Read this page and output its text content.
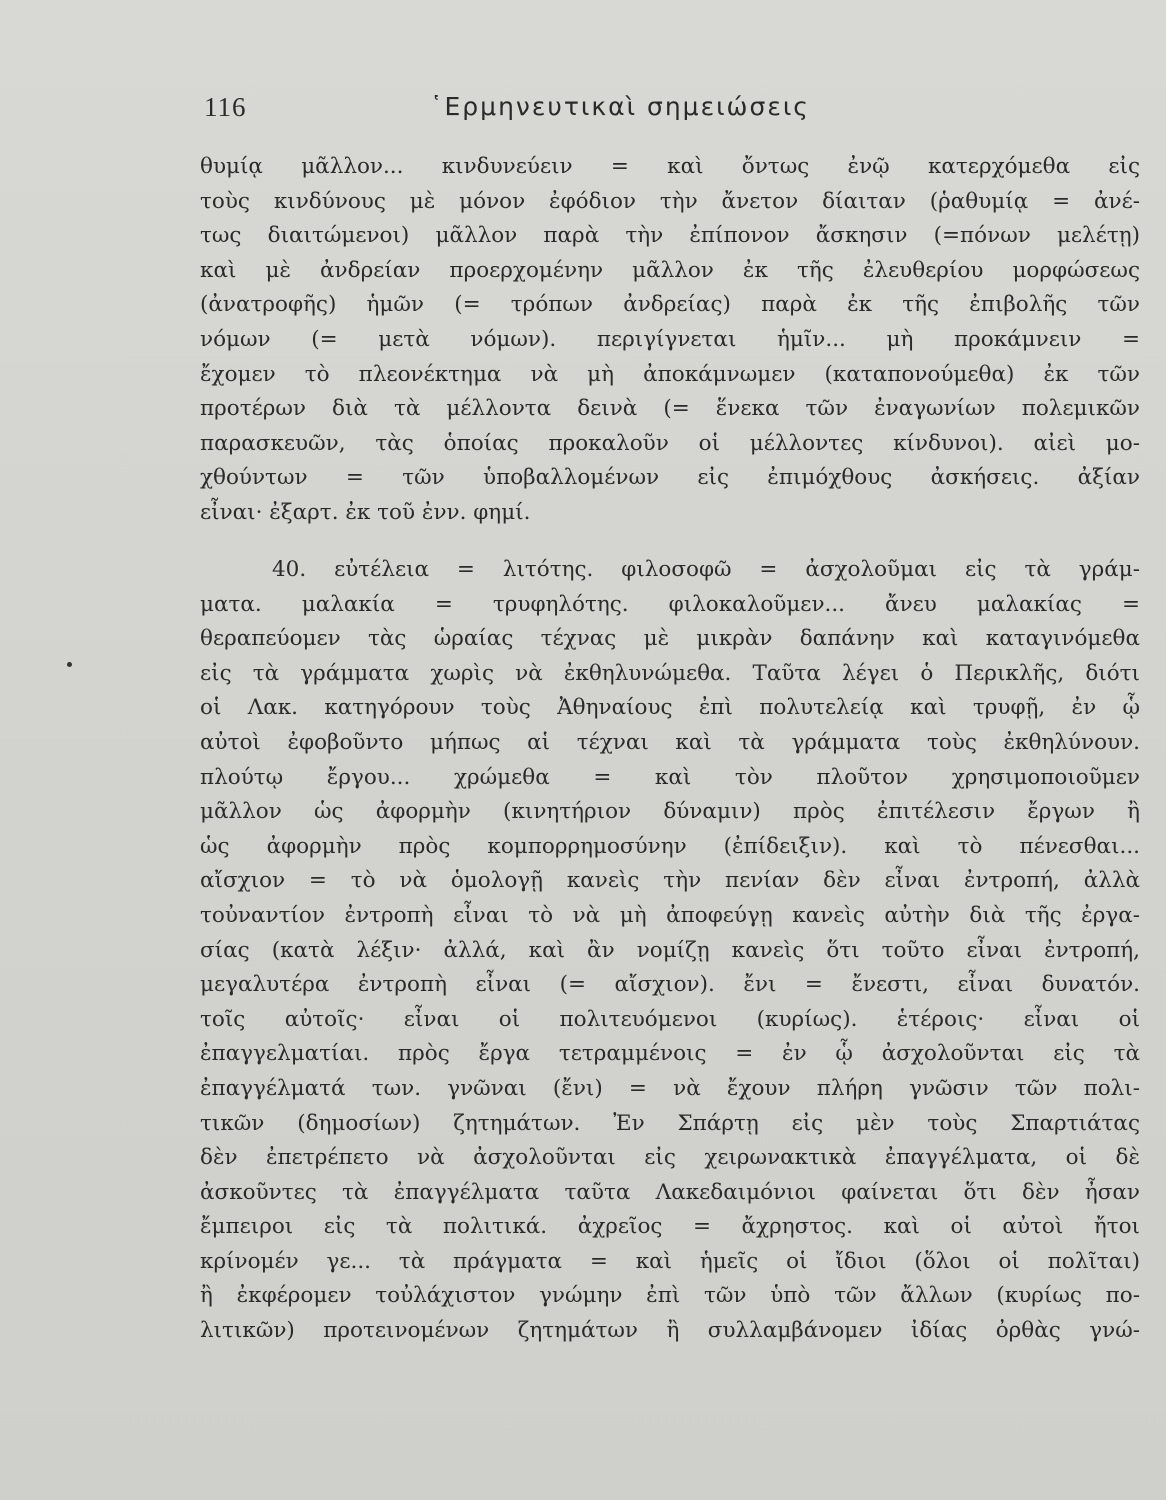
116	῾Ερμηνευτικαὶ σημειώσεις
θυμίᾳ μᾶλλον... κινδυνεύειν = καὶ ὄντως ἐνῷ κατερχόμεθα εἰς
τοὺς κινδύνους μὲ μόνον ἐφόδιον τὴν ἄνετον δίαιταν (ῥαθυμίᾳ = ἀνέ-
τως διαιτώμενοι) μᾶλλον παρὰ τὴν ἐπίπονον ἄσκησιν (=πόνων μελέτῃ)
καὶ μὲ ἀνδρείαν προερχομένην μᾶλλον ἐκ τῆς ἐλευθερίου μορφώσεως
(ἀνατροφῆς) ἡμῶν (= τρόπων ἀνδρείας) παρὰ ἐκ τῆς ἐπιβολῆς τῶν
νόμων (= μετὰ νόμων). περιγίγνεται ἡμῖν... μὴ προκάμνειν =
ἔχομεν τὸ πλεονέκτημα νὰ μὴ ἀποκάμνωμεν (καταπονούμεθα) ἐκ τῶν
προτέρων διὰ τὰ μέλλοντα δεινὰ (= ἕνεκα τῶν ἐναγωνίων πολεμικῶν
παρασκευῶν, τὰς ὁποίας προκαλοῦν οἱ μέλλοντες κίνδυνοι). αἰεὶ μο-
χθούντων = τῶν ὑποβαλλομένων εἰς ἐπιμόχθους ἀσκήσεις. ἀξίαν
εἶναι· ἐξαρτ. ἐκ τοῦ ἐνν. φημί.
40. εὐτέλεια = λιτότης. φιλοσοφῶ = ἀσχολοῦμαι εἰς τὰ γράμ-
ματα. μαλακία = τρυφηλότης. φιλοκαλοῦμεν... ἄνευ μαλακίας =
θεραπεύομεν τὰς ὡραίας τέχνας μὲ μικρὰν δαπάνην καὶ καταγινόμεθα
εἰς τὰ γράμματα χωρὶς νὰ ἐκθηλυνώμεθα. Ταῦτα λέγει ὁ Περικλῆς, διότι
οἱ Λακ. κατηγόρουν τοὺς Ἀθηναίους ἐπὶ πολυτελείᾳ καὶ τρυφῇ, ἐν ᾧ
αὐτοὶ ἐφοβοῦντο μήπως αἱ τέχναι καὶ τὰ γράμματα τοὺς ἐκθηλύνουν.
πλούτῳ ἔργου... χρώμεθα = καὶ τὸν πλοῦτον χρησιμοποιοῦμεν
μᾶλλον ὡς ἀφορμὴν (κινητήριον δύναμιν) πρὸς ἐπιτέλεσιν ἔργων ἢ
ὡς ἀφορμὴν πρὸς κομπορρημοσύνην (ἐπίδειξιν). καὶ τὸ πένεσθαι...
αἴσχιον = τὸ νὰ ὁμολογῇ κανεὶς τὴν πενίαν δὲν εἶναι ἐντροπή, ἀλλὰ
τοὐναντίον ἐντροπὴ εἶναι τὸ νὰ μὴ ἀποφεύγῃ κανεὶς αὐτὴν διὰ τῆς ἐργα-
σίας (κατὰ λέξιν· ἀλλά, καὶ ἂν νομίζῃ κανεὶς ὅτι τοῦτο εἶναι ἐντροπή,
μεγαλυτέρα ἐντροπὴ εἶναι (= αἴσχιον). ἔνι = ἔνεστι, εἶναι δυνατόν.
τοῖς αὐτοῖς· εἶναι οἱ πολιτευόμενοι (κυρίως). ἑτέροις· εἶναι οἱ
ἐπαγγελματίαι. πρὸς ἔργα τετραμμένοις = ἐν ᾧ ἀσχολοῦνται εἰς τὰ
ἐπαγγέλματά των. γνῶναι (ἔνι) = νὰ ἔχουν πλήρη γνῶσιν τῶν πολι-
τικῶν (δημοσίων) ζητημάτων. Ἐν Σπάρτῃ εἰς μὲν τοὺς Σπαρτιάτας
δὲν ἐπετρέπετο νὰ ἀσχολοῦνται εἰς χειρωνακτικὰ ἐπαγγέλματα, οἱ δὲ
ἀσκοῦντες τὰ ἐπαγγέλματα ταῦτα Λακεδαιμόνιοι φαίνεται ὅτι δὲν ἦσαν
ἔμπειροι εἰς τὰ πολιτικά. ἀχρεῖος = ἄχρηστος. καὶ οἱ αὐτοὶ ἤτοι
κρίνομέν γε... τὰ πράγματα = καὶ ἡμεῖς οἱ ἴδιοι (ὅλοι οἱ πολῖται)
ἢ ἐκφέρομεν τοὐλάχιστον γνώμην ἐπὶ τῶν ὑπὸ τῶν ἄλλων (κυρίως πο-
λιτικῶν) προτεινομένων ζητημάτων ἢ συλλαμβάνομεν ἰδίας ὀρθὰς γνώ-
